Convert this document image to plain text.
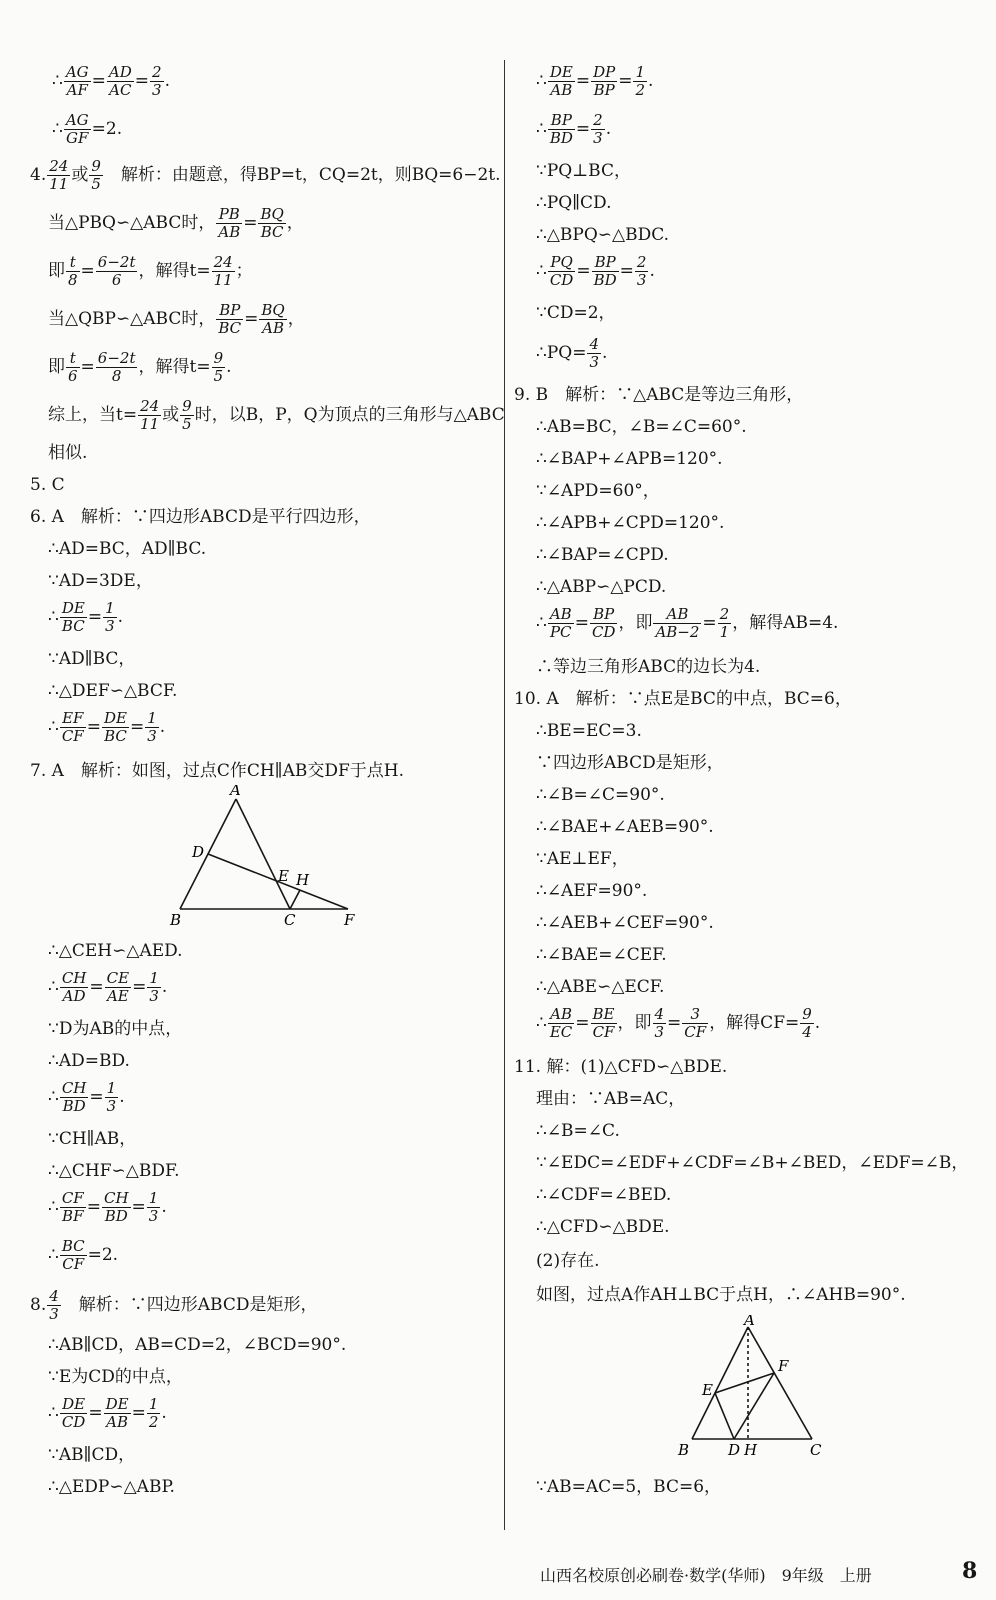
∴ $\frac{AG}{AF} = \frac{AD}{AC} = \frac{2}{3}$ .
∴ $\frac{AG}{GF} =2$.
4. $\frac{24}{11}$ 或 $\frac{9}{5}$ 　解析：由题意，得BP=t，CQ=2t，则BQ=6−2t.
当△PBQ∽△ABC时， $\frac{PB}{AB} = \frac{BQ}{BC}$ ，
即 $\frac{t}{8} = \frac{6-2t}{6}$ ，解得$t= \frac{24}{11}$ ；
当△QBP∽△ABC时， $\frac{BP}{BC} = \frac{BQ}{AB}$ ，
即 $\frac{t}{6} = \frac{6-2t}{8}$ ，解得$t= \frac{9}{5}$ .
综上，当$t= \frac{24}{11}$ 或 $\frac{9}{5}$ 时，以B，P，Q为顶点的三角形与△ABC
相似.
5. C
6. A　解析：∵四边形ABCD是平行四边形，
∴AD=BC，AD∥BC.
∵AD=3DE，
∴ $\frac{DE}{BC} = \frac{1}{3}$ .
∵AD∥BC，
∴△DEF∽△BCF.
∴ $\frac{EF}{CF} = \frac{DE}{BC} = \frac{1}{3}$ .
7. A　解析：如图，过点C作CH∥AB交DF于点H.
∴△CEH∽△AED.
∴ $\frac{CH}{AD} = \frac{CE}{AE} = \frac{1}{3}$ .
∵D为AB的中点，
∴AD=BD.
∴ $\frac{CH}{BD} = \frac{1}{3}$ .
∵CH∥AB，
∴△CHF∽△BDF.
∴ $\frac{CF}{BF} = \frac{CH}{BD} = \frac{1}{3}$ .
∴ $\frac{BC}{CF} =2$.
8. $\frac{4}{3}$ 　解析：∵四边形ABCD是矩形，
∴AB∥CD，AB=CD=2，∠BCD=90°.
∵E为CD的中点，
∴ $\frac{DE}{CD} = \frac{DE}{AB} = \frac{1}{2}$ .
∵AB∥CD，
∴△EDP∽△ABP.
∴ $\frac{DE}{AB} = \frac{DP}{BP} = \frac{1}{2}$ .
∴ $\frac{BP}{BD} = \frac{2}{3}$ .
∵PQ⊥BC，
∴PQ∥CD.
∴△BPQ∽△BDC.
∴ $\frac{PQ}{CD} = \frac{BP}{BD} = \frac{2}{3}$ .
∵CD=2，
∴PQ= $\frac{4}{3}$ .
9. B　解析：∵△ABC是等边三角形，
∴AB=BC，∠B=∠C=60°.
∴∠BAP+∠APB=120°.
∵∠APD=60°，
∴∠APB+∠CPD=120°.
∴∠BAP=∠CPD.
∴△ABP∽△PCD.
∴ $\frac{AB}{PC} = \frac{BP}{CD}$ ，即 $\frac{AB}{AB-2} = \frac{2}{1}$ ，解得AB=4.
∴等边三角形ABC的边长为4.
10. A　解析：∵点E是BC的中点，BC=6，
∴BE=EC=3.
∵四边形ABCD是矩形，
∴∠B=∠C=90°.
∴∠BAE+∠AEB=90°.
∵AE⊥EF，
∴∠AEF=90°.
∴∠AEB+∠CEF=90°.
∴∠BAE=∠CEF.
∴△ABE∽△ECF.
∴ $\frac{AB}{EC} = \frac{BE}{CF}$ ，即 $\frac{4}{3} = \frac{3}{CF}$ ，解得$CF= \frac{9}{4}$ .
11. 解：(1)△CFD∽△BDE.
理由：∵AB=AC，
∴∠B=∠C.
∵∠EDC=∠EDF+∠CDF=∠B+∠BED，∠EDF=∠B，
∴∠CDF=∠BED.
∴△CFD∽△BDE.
(2)存在.
如图，过点A作AH⊥BC于点H，∴∠AHB=90°.
∵AB=AC=5，BC=6，
A
D
E H
B	C	F
A
F
E
B	D H	C
山西名校原创必刷卷·数学(华师)　9年级　上册	8
